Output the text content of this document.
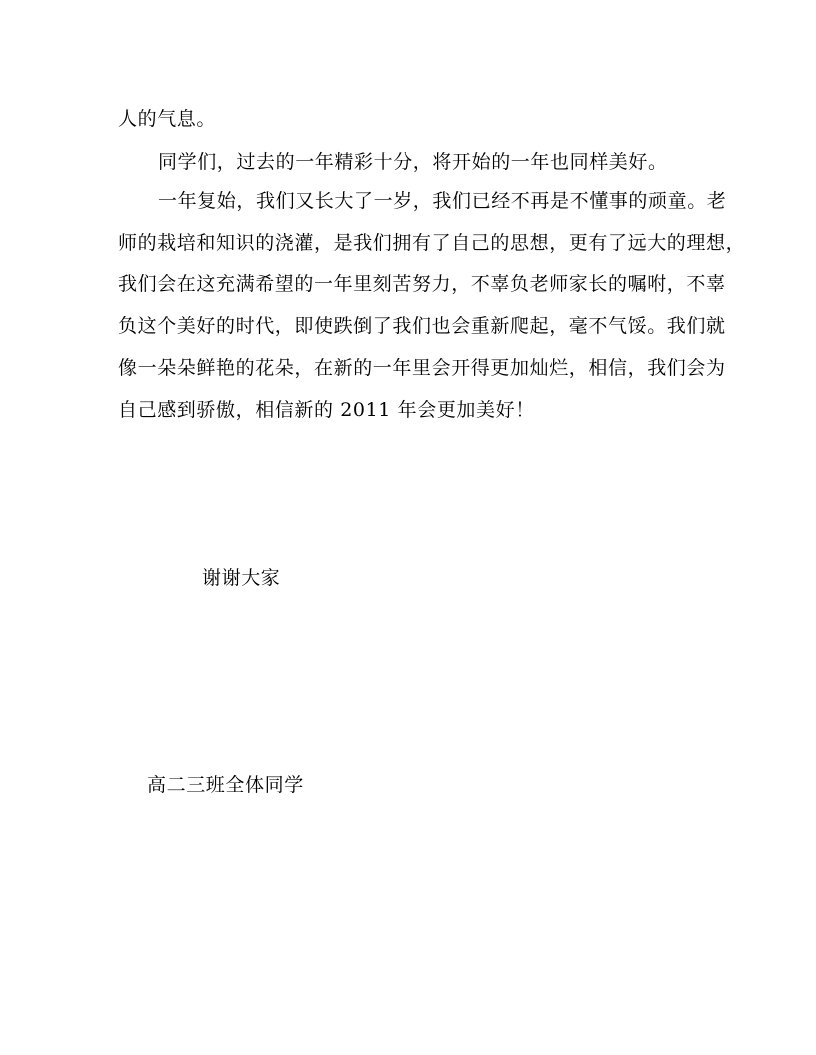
人的气息。
同学们，过去的一年精彩十分，将开始的一年也同样美好。
一年复始，我们又长大了一岁，我们已经不再是不懂事的顽童。老
师的栽培和知识的浇灌，是我们拥有了自己的思想，更有了远大的理想，
我们会在这充满希望的一年里刻苦努力，不辜负老师家长的嘱咐，不辜
负这个美好的时代，即使跌倒了我们也会重新爬起，毫不气馁。我们就
像一朵朵鲜艳的花朵，在新的一年里会开得更加灿烂，相信，我们会为
自己感到骄傲，相信新的 2011 年会更加美好！
谢谢大家
高二三班全体同学
